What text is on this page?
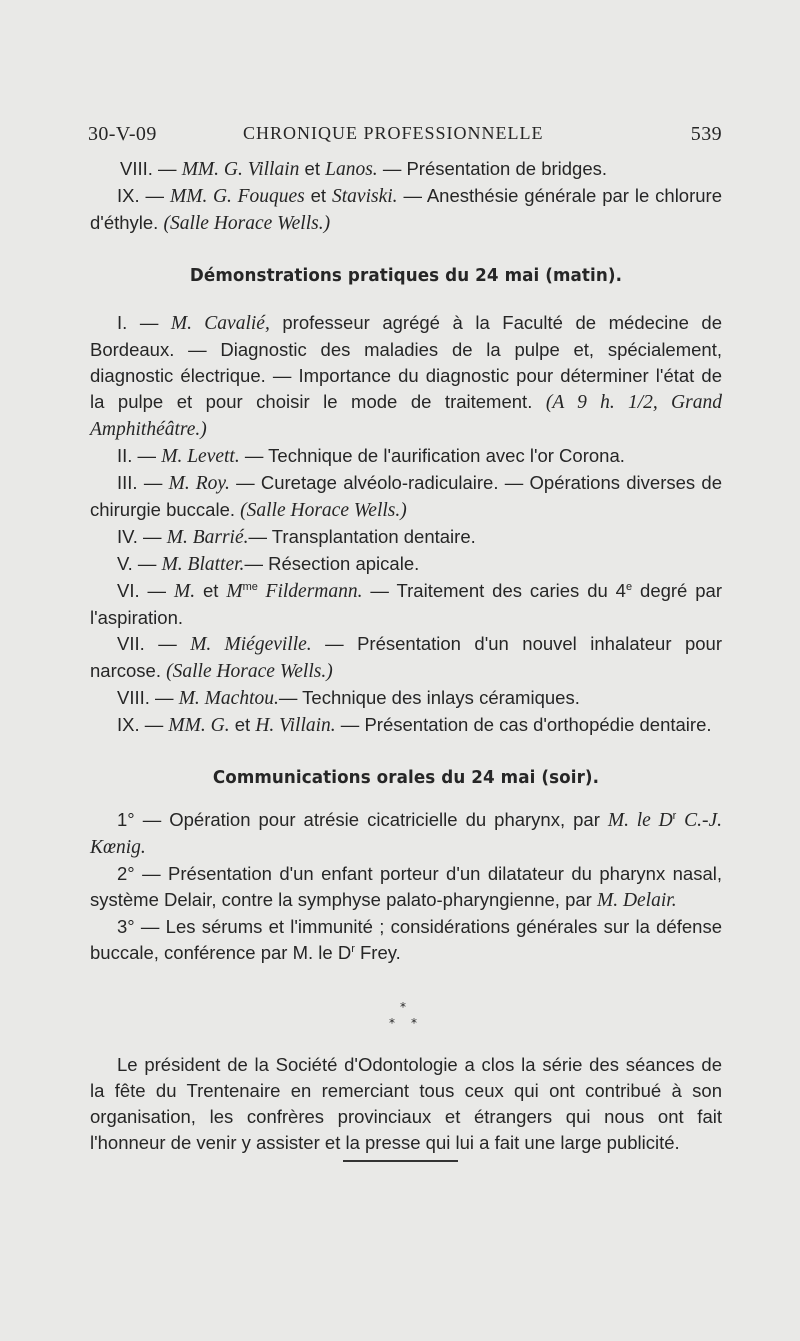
30-V-09	CHRONIQUE PROFESSIONNELLE	539

VIII. — MM. G. Villain et Lanos. — Présentation de bridges.

IX. — MM. G. Fouques et Staviski. — Anesthésie générale par le chlorure d'éthyle. (Salle Horace Wells.)

Démonstrations pratiques du 24 mai (matin).

I. — M. Cavalié, professeur agrégé à la Faculté de médecine de Bordeaux. — Diagnostic des maladies de la pulpe et, spécialement, diagnostic électrique. — Importance du diagnostic pour déterminer l'état de la pulpe et pour choisir le mode de traitement. (A 9 h. 1/2, Grand Amphithéâtre.)

II. — M. Levett. — Technique de l'aurification avec l'or Corona.

III. — M. Roy. — Curetage alvéolo-radiculaire. — Opérations diverses de chirurgie buccale. (Salle Horace Wells.)

IV. — M. Barrié.— Transplantation dentaire.

V. — M. Blatter.— Résection apicale.

VI. — M. et $M^{me}$ Fildermann. — Traitement des caries du 4e degré par l'aspiration.

VII. — M. Miégeville. — Présentation d'un nouvel inhalateur pour narcose. (Salle Horace Wells.)

VIII. — M. Machtou.— Technique des inlays céramiques.

IX. — MM. G. et H. Villain. — Présentation de cas d'orthopédie dentaire.

Communications orales du 24 mai (soir).

1° — Opération pour atrésie cicatricielle du pharynx, par M. le $D^r$ C.-J. Kœnig.

2° — Présentation d'un enfant porteur d'un dilatateur du pharynx nasal, système Delair, contre la symphyse palato-pharyngienne, par M. Delair.

3° — Les sérums et l'immunité ; considérations générales sur la défense buccale, conférence par M. le $D^r$ Frey.

*
* *

Le président de la Société d'Odontologie a clos la série des séances de la fête du Trentenaire en remerciant tous ceux qui ont contribué à son organisation, les confrères provinciaux et étrangers qui nous ont fait l'honneur de venir y assister et la presse qui lui a fait une large publicité.
